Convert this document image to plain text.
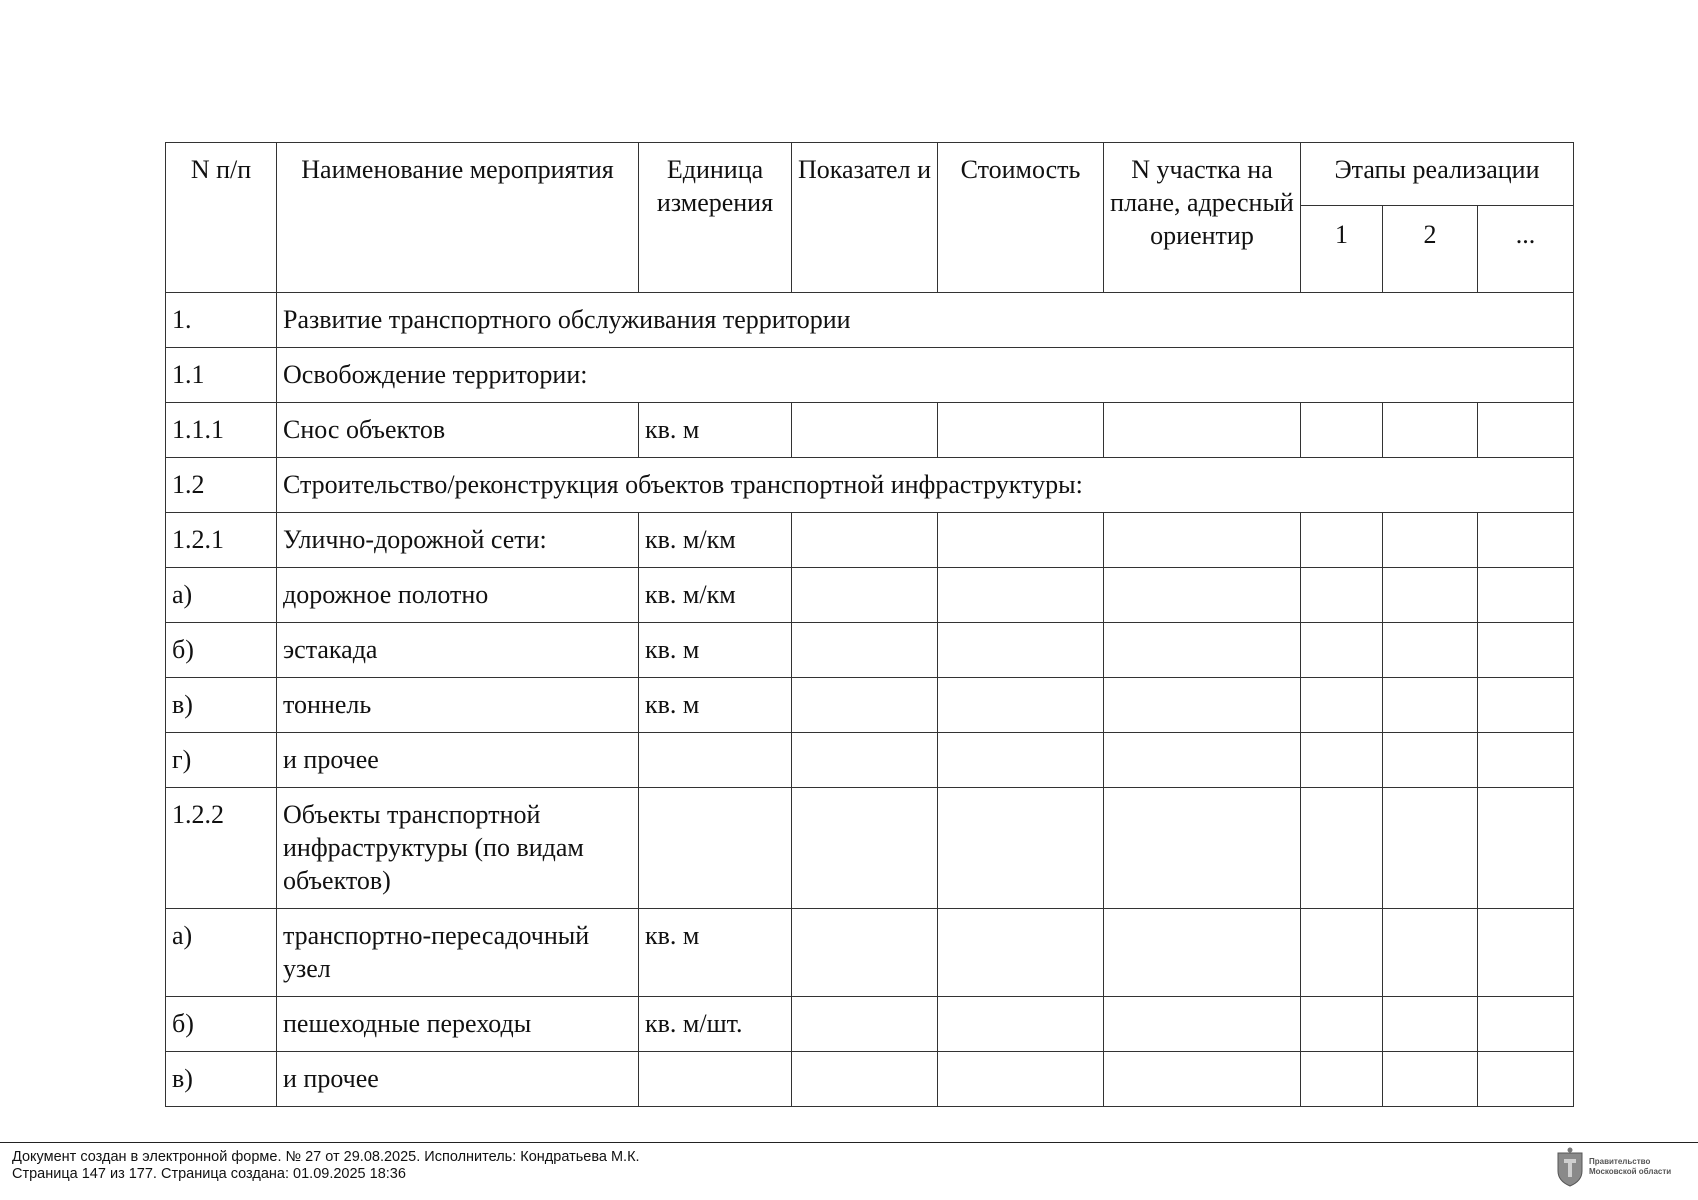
N п/п	Наименование мероприятия	Единица измерения	Показател и	Стоимость	N участка на плане, адресный ориентир	Этапы реализации		
						1	2	...
1.	Развитие транспортного обслуживания территории							
1.1	Освобождение территории:							
1.1.1	Снос объектов	кв. м						
1.2	Строительство/реконструкция объектов транспортной инфраструктуры:							
1.2.1	Улично-дорожной сети:	кв. м/км						
а)	дорожное полотно	кв. м/км						
б)	эстакада	кв. м						
в)	тоннель	кв. м						
г)	и прочее							
1.2.2	Объекты транспортной инфраструктуры (по видам объектов)							
а)	транспортно-пересадочный узел	кв. м						
б)	пешеходные переходы	кв. м/шт.						
в)	и прочее							
Документ создан в электронной форме. № 27 от 29.08.2025. Исполнитель: Кондратьева М.К.
Страница 147 из 177. Страница создана: 01.09.2025 18:36
Правительство
Московской области
